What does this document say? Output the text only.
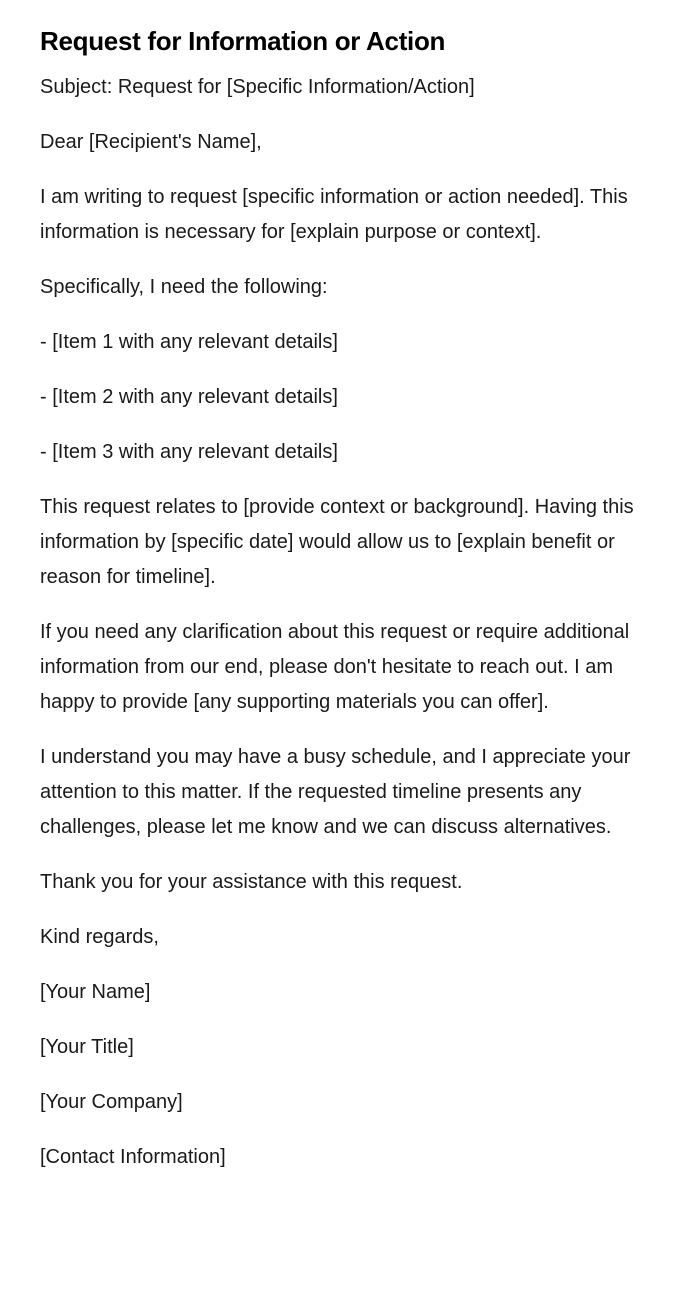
Request for Information or Action

Subject: Request for [Specific Information/Action]

Dear [Recipient's Name],

I am writing to request [specific information or action needed]. This information is necessary for [explain purpose or context].

Specifically, I need the following:

- [Item 1 with any relevant details]

- [Item 2 with any relevant details]

- [Item 3 with any relevant details]

This request relates to [provide context or background]. Having this information by [specific date] would allow us to [explain benefit or reason for timeline].

If you need any clarification about this request or require additional information from our end, please don't hesitate to reach out. I am happy to provide [any supporting materials you can offer].

I understand you may have a busy schedule, and I appreciate your attention to this matter. If the requested timeline presents any challenges, please let me know and we can discuss alternatives.

Thank you for your assistance with this request.

Kind regards,

[Your Name]

[Your Title]

[Your Company]

[Contact Information]
